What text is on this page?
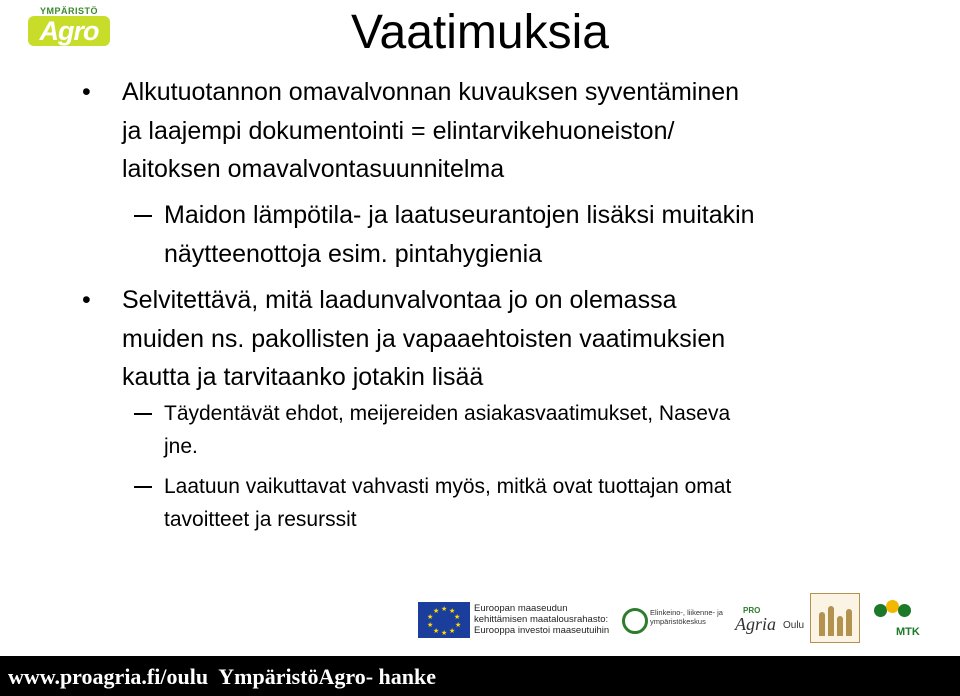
YMPÄRISTÖ
Agro	Vaatimuksia
• Alkutuotannon omavalvonnan kuvauksen syventäminen
ja laajempi dokumentointi = elintarvikehuoneiston/
laitoksen omavalvontasuunnitelma
Maidon lämpötila- ja laatuseurantojen lisäksi muitakin
näytteenottoja esim. pintahygienia
• Selvitettävä, mitä laadunvalvontaa jo on olemassa
muiden ns. pakollisten ja vapaaehtoisten vaatimuksien
kautta ja tarvitaanko jotakin lisää
Täydentävät ehdot, meijereiden asiakasvaatimukset, Naseva
jne.
Laatuun vaikuttavat vahvasti myös, mitkä ovat tuottajan omat
tavoitteet ja resurssit
★ ★
★
★
★
★
★
★
★
★	Euroopan maaseudun
kehittämisen maatalousrahasto:
Eurooppa investoi maaseutuihin
Elinkeino-, liikenne- ja
ympäristökeskus
PRO
Agria Oulu
MTK
www.proagria.fi/oulu  YmpäristöAgro- hanke
